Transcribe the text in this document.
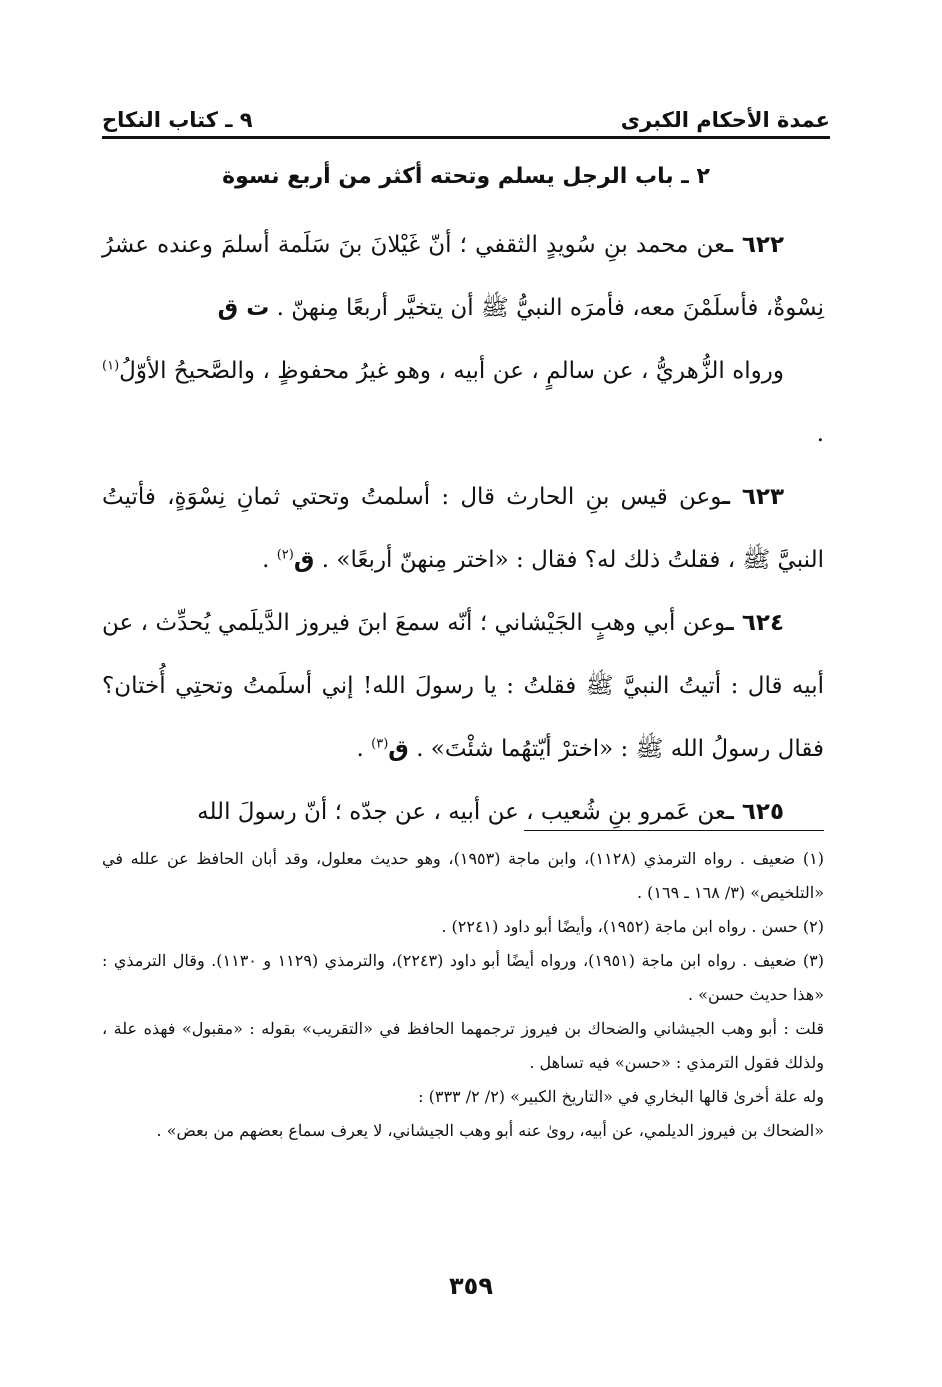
عمدة الأحكام الكبرى
٩ ـ كتاب النكاح
٢ ـ باب الرجل يسلم وتحته أكثر من أربع نسوة

٦٢٢ ـعن محمد بنِ سُويدٍ الثقفي ؛ أنّ غَيْلانَ بنَ سَلَمة أسلمَ وعنده عشرُ نِسْوةٌ، فأسلَمْنَ معه، فأمرَه النبيُّ ﷺ أن يتخيَّر أربعًا مِنهنّ . ت ق

ورواه الزُّهريُّ ، عن سالمٍ ، عن أبيه ، وهو غيرُ محفوظٍ ، والصَّحيحُ الأوّلُ$^{(١)}$ .

٦٢٣ ـوعن قيس بنِ الحارث قال : أسلمتُ وتحتي ثمانِ نِسْوَةٍ، فأتيتُ النبيَّ ﷺ ، فقلتُ ذلك له؟ فقال : «اختر مِنهنّ أربعًا» . ق$^{(٢)}$ .

٦٢٤ ـوعن أبي وهبٍ الجَيْشاني ؛ أنّه سمعَ ابنَ فيروز الدَّيلَمي يُحدِّث ، عن أبيه قال : أتيتُ النبيَّ ﷺ فقلتُ : يا رسولَ الله! إني أسلَمتُ وتحتِي أُختان؟ فقال رسولُ الله ﷺ : «اخترْ أيّتهُما شئْتَ» . ق$^{(٣)}$ .

٦٢٥ ـعن عَمرو بنِ شُعيب ، عن أبيه ، عن جدّه ؛ أنّ رسولَ الله

(١) ضعيف . رواه الترمذي (١١٢٨)، وابن ماجة (١٩٥٣)، وهو حديث معلول، وقد أبان الحافظ عن علله في «التلخيص» (٣/ ١٦٨ ـ ١٦٩) .

(٢) حسن . رواه ابن ماجة (١٩٥٢)، وأيضًا أبو داود (٢٢٤١) .

(٣) ضعيف . رواه ابن ماجة (١٩٥١)، ورواه أيضًا أبو داود (٢٢٤٣)، والترمذي (١١٢٩ و ١١٣٠). وقال الترمذي : «هذا حديث حسن» .

قلت : أبو وهب الجيشاني والضحاك بن فيروز ترجمهما الحافظ في «التقريب» بقوله : «مقبول» فهذه علة ، ولذلك فقول الترمذي : «حسن» فيه تساهل .

وله علة أخرىٰ قالها البخاري في «التاريخ الكبير» (٢/ ٢/ ٣٣٣) :

«الضحاك بن فيروز الديلمي، عن أبيه، روىٰ عنه أبو وهب الجيشاني، لا يعرف سماع بعضهم من بعض» .

٣٥٩
